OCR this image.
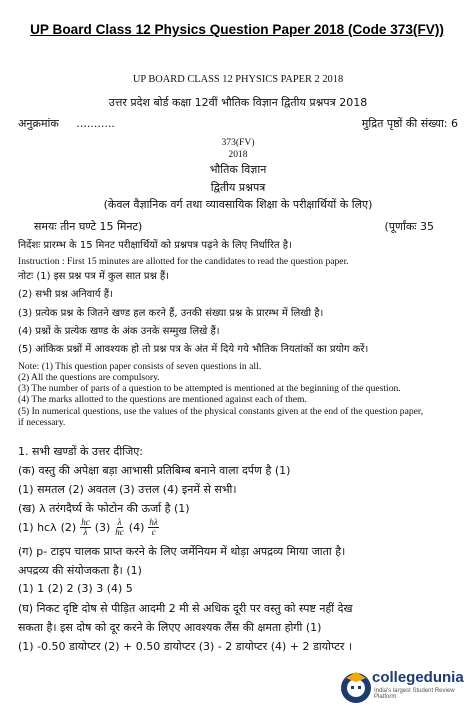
UP Board Class 12 Physics Question Paper 2018 (Code 373(FV))
UP BOARD CLASS 12 PHYSICS PAPER 2 2018
उत्तर प्रदेश बोर्ड कक्षा 12वीं भौतिक विज्ञान द्वितीय प्रश्नपत्र 2018
अनुक्रमांक ...........	मुद्रित पृष्ठों की संख्या: 6
373(FV)
2018
भौतिक विज्ञान
द्वितीय प्रश्नपत्र
(केवल वैज्ञानिक वर्ग तथा व्यावसायिक शिक्षा के परीक्षार्थियों के लिए)
समयः तीन घण्टे 15 मिनट)	(पूर्णांकः 35
निर्देशः प्रारम्भ के 15 मिनट परीक्षार्थियों को प्रश्नपत्र पढ़ने के लिए निर्धारित है।
Instruction : First 15 minutes are allotted for the candidates to read the question paper.
नोटः (1) इस प्रश्न पत्र में कुल सात प्रश्न हैं।
(2) सभी प्रश्न अनिवार्य हैं।
(3) प्रत्येक प्रश्न के जितने खण्ड हल करने हैं, उनकी संख्या प्रश्न के प्रारम्भ में लिखी है।
(4) प्रश्नों के प्रत्येक खण्ड के अंक उनके सम्मुख लिखे हैं।
(5) आंकिक प्रश्नों में आवश्यक हो तो प्रश्न पत्र के अंत में दिये गये भौतिक नियतांकों का प्रयोग करें।
Note: (1) This question paper consists of seven questions in all.
(2) All the questions are compulsory.
(3) The number of parts of a question to be attempted is mentioned at the beginning of the question.
(4) The marks allotted to the questions are mentioned against each of them.
(5) In numerical questions, use the values of the physical constants given at the end of the question paper,
if necessary.
1. सभी खण्डों के उत्तर दीजिए:
(क) वस्तु की अपेक्षा बड़ा आभासी प्रतिबिम्ब बनाने वाला दर्पण है (1)
(1) समतल (2) अवतल (3) उत्तल (4) इनमें से सभी।
(ख) λ तरंगदैर्घ्य के फोटोन की ऊर्जा है (1)
(1) hcλ $(2) \frac{hc}{\lambda} (3) \frac{\lambda}{hc} (4) \frac{h\lambda}{c}$
(ग) p- टाइप चालक प्राप्त करने के लिए जर्मेनियम में थोड़ा अपद्रव्य मिाया जाता है।
अपद्रव्य की संयोजकता है। (1)
(1) 1 (2) 2 (3) 3 (4) 5
(घ) निकट दृष्टि दोष से पीड़ित आदमी 2 मी से अधिक दूरी पर वस्तु को स्पष्ट नहीं देख
सकता है। इस दोष को दूर करने के लिएए आवश्यक लैंस की क्षमता होगी (1)
(1) -0.50 डायोप्टर (2) + 0.50 डायोप्टर (3) - 2 डायोप्टर (4) + 2 डायोप्टर ।
collegedunia
India's largest Student Review Platform
